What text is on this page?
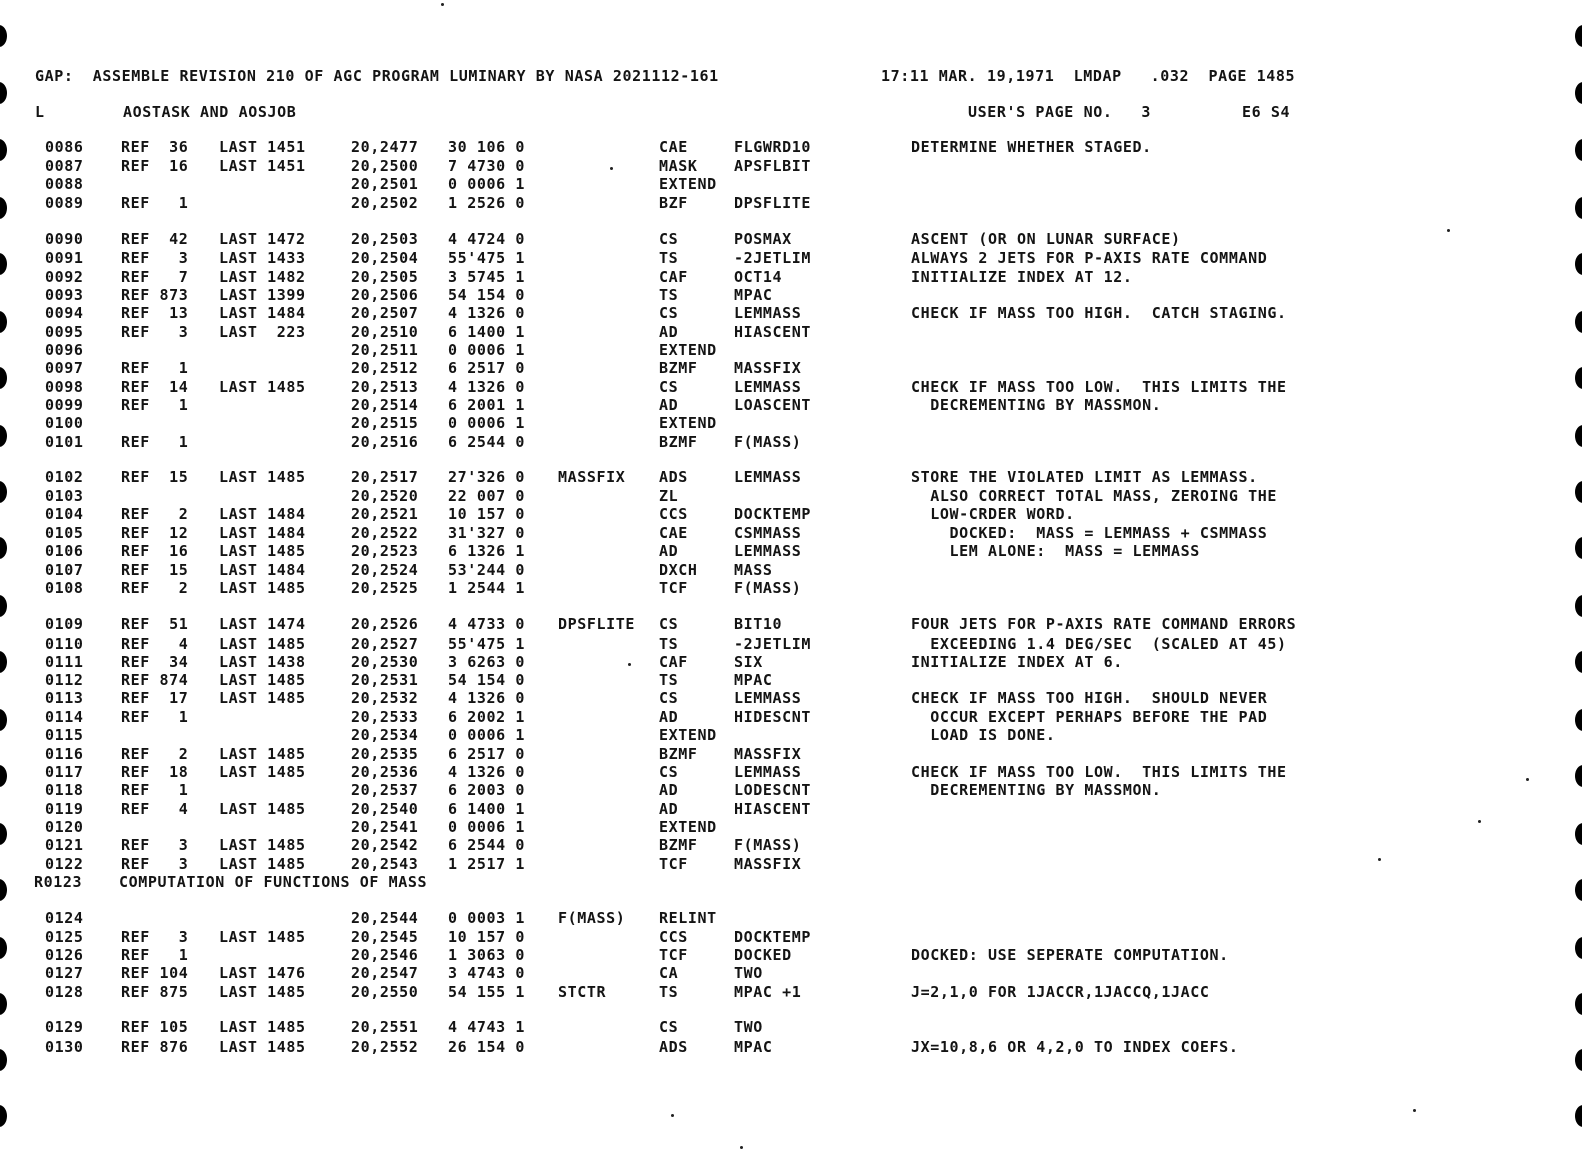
GAP:  ASSEMBLE REVISION 210 OF AGC PROGRAM LUMINARY BY NASA 2021112-161	17:11 MAR. 19,1971  LMDAP   .032  PAGE 1485
L	AOSTASK AND AOSJOB	USER'S PAGE NO.   3	E6 S4
0086 REF  36 LAST 1451	20,2477 30 106 0	CAE	FLGWRD10	DETERMINE WHETHER STAGED.
0087 REF  16 LAST 1451	20,2500 7 4730 0	MASK APSFLBIT
0088	20,2501 0 0006 1	EXTEND
0089 REF   1	20,2502 1 2526 0	BZF	DPSFLITE
0090 REF  42 LAST 1472	20,2503 4 4724 0	CS	POSMAX	ASCENT (OR ON LUNAR SURFACE)
0091 REF   3 LAST 1433	20,2504 55'475 1	TS	-2JETLIM	ALWAYS 2 JETS FOR P-AXIS RATE COMMAND
0092 REF   7 LAST 1482	20,2505 3 5745 1	CAF	OCT14	INITIALIZE INDEX AT 12.
0093 REF 873 LAST 1399	20,2506 54 154 0	TS	MPAC
0094 REF  13 LAST 1484	20,2507 4 1326 0	CS	LEMMASS	CHECK IF MASS TOO HIGH.  CATCH STAGING.
0095 REF   3 LAST  223	20,2510 6 1400 1	AD	HIASCENT
0096	20,2511 0 0006 1	EXTEND
0097 REF   1	20,2512 6 2517 0	BZMF MASSFIX
0098 REF  14 LAST 1485	20,2513 4 1326 0	CS	LEMMASS	CHECK IF MASS TOO LOW.  THIS LIMITS THE
0099 REF   1	20,2514 6 2001 1	AD	LOASCENT	DECREMENTING BY MASSMON.
0100	20,2515 0 0006 1	EXTEND
0101 REF   1	20,2516 6 2544 0	BZMF F(MASS)
0102 REF  15 LAST 1485	20,2517 27'326 0 MASSFIX ADS	LEMMASS	STORE THE VIOLATED LIMIT AS LEMMASS.
0103	20,2520 22 007 0	ZL	ALSO CORRECT TOTAL MASS, ZEROING THE
0104 REF   2 LAST 1484	20,2521 10 157 0	CCS	DOCKTEMP	LOW-CRDER WORD.
0105 REF  12 LAST 1484	20,2522 31'327 0	CAE	CSMMASS	DOCKED:  MASS = LEMMASS + CSMMASS
0106 REF  16 LAST 1485	20,2523 6 1326 1	AD	LEMMASS	LEM ALONE:  MASS = LEMMASS
0107 REF  15 LAST 1484	20,2524 53'244 0	DXCH MASS
0108 REF   2 LAST 1485	20,2525 1 2544 1	TCF	F(MASS)
0109 REF  51 LAST 1474	20,2526 4 4733 0 DPSFLITE CS	BIT10	FOUR JETS FOR P-AXIS RATE COMMAND ERRORS
0110 REF   4 LAST 1485	20,2527 55'475 1	TS	-2JETLIM	EXCEEDING 1.4 DEG/SEC  (SCALED AT 45)
0111 REF  34 LAST 1438	20,2530 3 6263 0	CAF	SIX	INITIALIZE INDEX AT 6.
0112 REF 874 LAST 1485	20,2531 54 154 0	TS	MPAC
0113 REF  17 LAST 1485	20,2532 4 1326 0	CS	LEMMASS	CHECK IF MASS TOO HIGH.  SHOULD NEVER
0114 REF   1	20,2533 6 2002 1	AD	HIDESCNT	OCCUR EXCEPT PERHAPS BEFORE THE PAD
0115	20,2534 0 0006 1	EXTEND	LOAD IS DONE.
0116 REF   2 LAST 1485	20,2535 6 2517 0	BZMF MASSFIX
0117 REF  18 LAST 1485	20,2536 4 1326 0	CS	LEMMASS	CHECK IF MASS TOO LOW.  THIS LIMITS THE
0118 REF   1	20,2537 6 2003 0	AD	LODESCNT	DECREMENTING BY MASSMON.
0119 REF   4 LAST 1485	20,2540 6 1400 1	AD	HIASCENT
0120	20,2541 0 0006 1	EXTEND
0121 REF   3 LAST 1485	20,2542 6 2544 0	BZMF F(MASS)
0122 REF   3 LAST 1485	20,2543 1 2517 1	TCF	MASSFIX
R0123 COMPUTATION OF FUNCTIONS OF MASS
0124	20,2544 0 0003 1 F(MASS) RELINT
0125 REF   3 LAST 1485	20,2545 10 157 0	CCS	DOCKTEMP
0126 REF   1	20,2546 1 3063 0	TCF	DOCKED	DOCKED: USE SEPERATE COMPUTATION.
0127 REF 104 LAST 1476	20,2547 3 4743 0	CA	TWO
0128 REF 875 LAST 1485	20,2550 54 155 1 STCTR	TS	MPAC +1	J=2,1,0 FOR 1JACCR,1JACCQ,1JACC
0129 REF 105 LAST 1485	20,2551 4 4743 1	CS	TWO
0130 REF 876 LAST 1485	20,2552 26 154 0	ADS	MPAC	JX=10,8,6 OR 4,2,0 TO INDEX COEFS.
